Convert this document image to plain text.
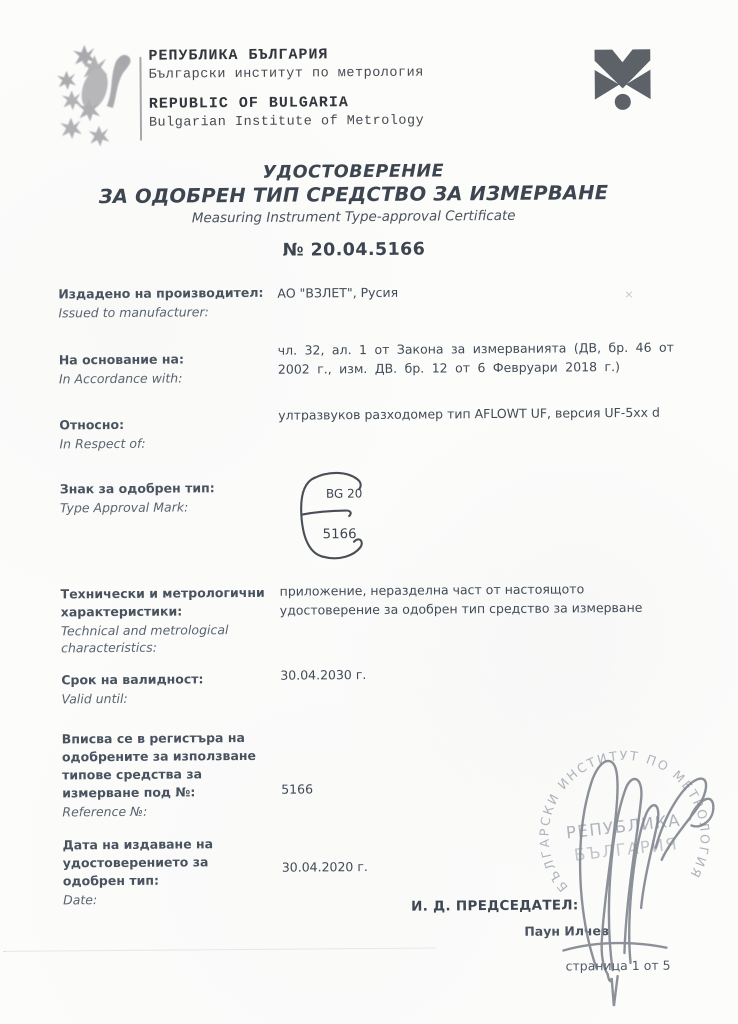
РЕПУБЛИКА БЪЛГАРИЯ
Български институт по метрология
REPUBLIC OF BULGARIA
Bulgarian Institute of Metrology
УДОСТОВЕРЕНИЕ
ЗА ОДОБРЕН ТИП СРЕДСТВО ЗА ИЗМЕРВАНЕ
Measuring Instrument Type-approval Certificate
№ 20.04.5166
Издадено на производител:
Issued to manufacturer:
АО "ВЗЛЕТ", Русия
На основание на:
In Accordance with:
чл. 32, ал. 1 от Закона за измерванията (ДВ, бр. 46 от
2002 г., изм. ДВ. бр. 12 от 6 Февруари 2018 г.)
Относно:
In Respect of:
ултразвуков разходомер тип AFLOWT UF, версия UF-5xx d
Знак за одобрен тип:
Type Approval Mark:
BG 20
5166
Технически и метрологични
характеристики:
Technical and metrological
characteristics:
приложение, неразделна част от настоящото
удостоверение за одобрен тип средство за измерване
Срок на валидност:
Valid until:
30.04.2030 г.
Вписва се в регистъра на
одобрените за използване
типове средства за
измерване под №:
Reference №:
5166
Дата на издаване на
удостоверението за
одобрен тип:
Date:
30.04.2020 г.
И. Д. ПРЕДСЕДАТЕЛ:
Паун Илчев
БЪЛГАРСКИ ИНСТИТУТ ПО МЕТРОЛОГИЯ
РЕПУБЛИКА
БЪЛГАРИЯ
страница 1 от 5
×
